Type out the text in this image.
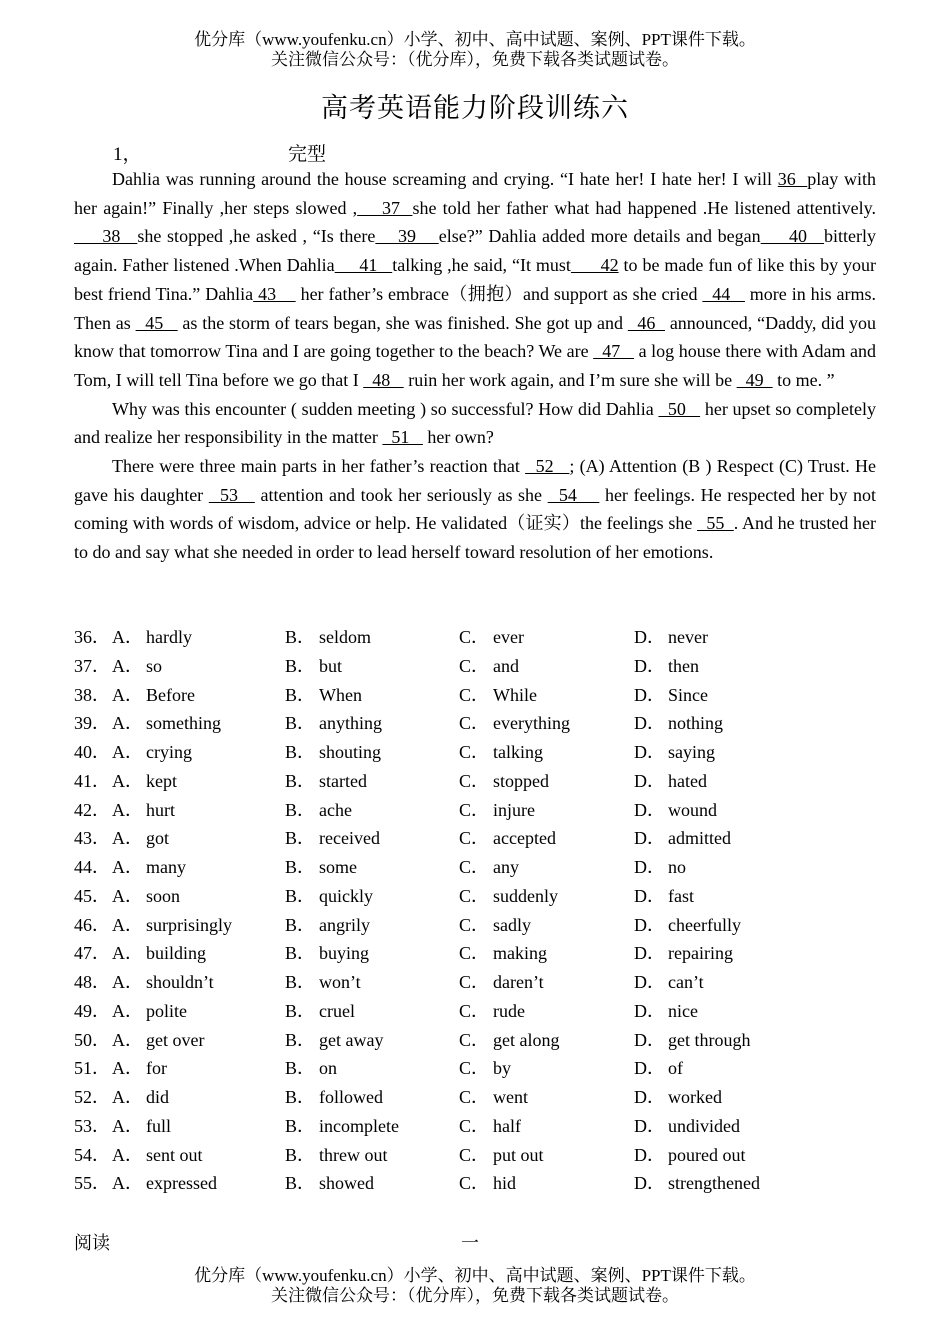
优分库（www.youfenku.cn）小学、初中、高中试题、案例、PPT课件下载。
关注微信公众号：（优分库），免费下载各类试题试卷。
高考英语能力阶段训练六
1，	完型

Dahlia was running around the house screaming and crying. “I hate her! I hate her! I will 36  play with her again!” Finally ,her steps slowed ,    37  she told her father what had happened .He listened attentively.     38   she stopped ,he asked , “Is there    39    else?” Dahlia added more details and began     40   bitterly again. Father listened .When Dahlia     41   talking ,he said, “It must      42 to be made fun of like this by your best friend Tina.” Dahlia 43     her father’s embrace（拥抱）and support as she cried   44    more in his arms. Then as   45    as the storm of tears began, she was finished. She got up and   46   announced, “Daddy, did you know that tomorrow Tina and I are going together to the beach? We are   47    a log house there with Adam and Tom, I will tell Tina before we go that I   48    ruin her work again, and I’m sure she will be   49   to me. ”

Why was this encounter ( sudden meeting ) so successful? How did Dahlia   50    her upset so completely and realize her responsibility in the matter   51    her own?

There were three main parts in her father’s reaction that   52   ; (A) Attention (B ) Respect (C) Trust. He gave his daughter   53    attention and took her seriously as she   54     her feelings. He respected her by not coming with words of wisdom, advice or help. He validated（证实）the feelings she   55  . And he trusted her to do and say what she needed in order to lead herself toward resolution of her emotions.

36． A． hardly	B． seldom	C． ever	D． never
37． A． so	B． but	C． and	D． then
38． A． Before	B． When	C． While	D． Since
39． A． something	B． anything	C． everything	D． nothing
40． A． crying	B． shouting	C． talking	D． saying
41． A． kept	B． started	C． stopped	D． hated
42． A． hurt	B． ache	C． injure	D． wound
43． A． got	B． received	C． accepted	D． admitted
44． A． many	B． some	C． any	D． no
45． A． soon	B． quickly	C． suddenly	D． fast
46． A． surprisingly	B． angrily	C． sadly	D． cheerfully
47． A． building	B． buying	C． making	D． repairing
48． A． shouldn’t	B． won’t	C． daren’t	D． can’t
49． A． polite	B． cruel	C． rude	D． nice
50． A． get over	B． get away	C． get along	D． get through
51． A． for	B． on	C． by	D． of
52． A． did	B． followed	C． went	D． worked
53． A． full	B． incomplete	C． half	D． undivided
54． A． sent out	B． threw out	C． put out	D． poured out
55． A． expressed	B． showed	C． hid	D． strengthened
阅读	一
优分库（www.youfenku.cn）小学、初中、高中试题、案例、PPT课件下载。
关注微信公众号：（优分库），免费下载各类试题试卷。
